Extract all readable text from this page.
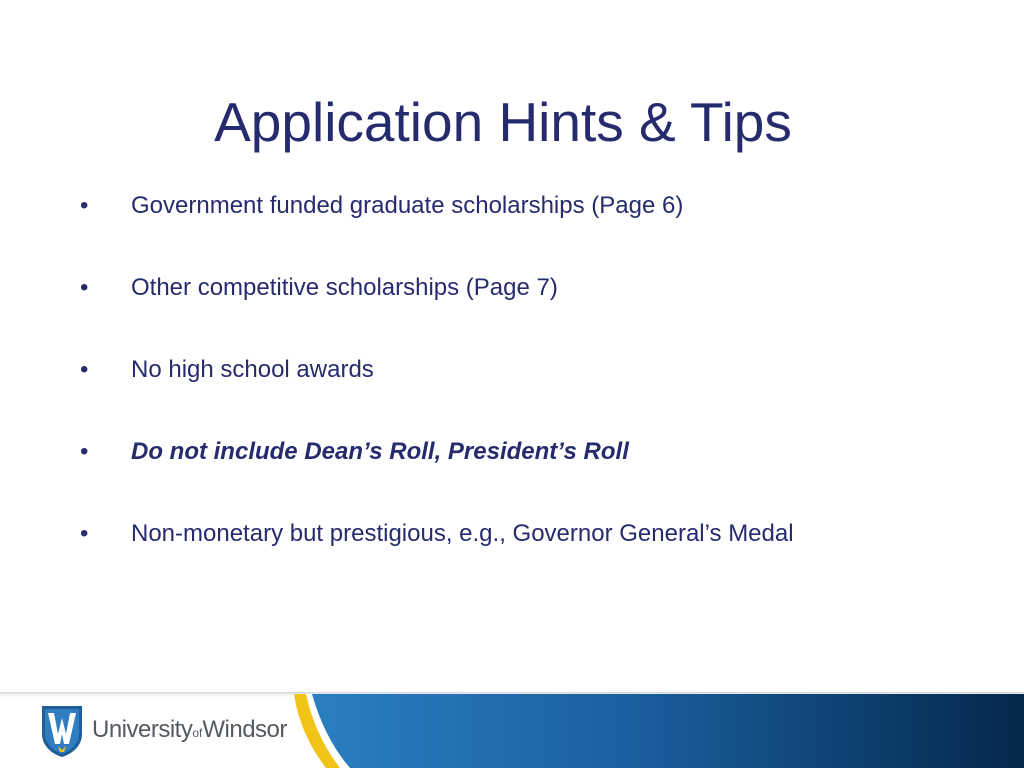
Application Hints & Tips
•	Government funded graduate scholarships (Page 6)
•	Other competitive scholarships (Page 7)
•	No high school awards
•	Do not include Dean’s Roll, President’s Roll
•	Non-monetary but prestigious, e.g., Governor General’s Medal
UniversityofWindsor
